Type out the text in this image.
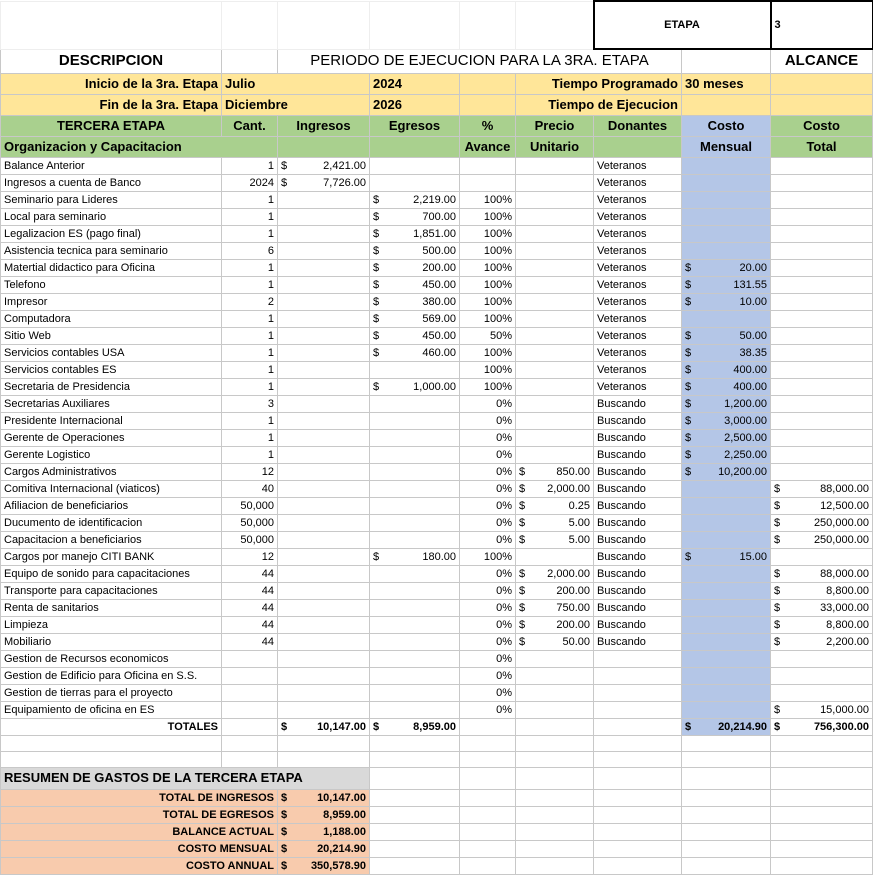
						ETAPA		3
DESCRIPCION		PERIODO DE EJECUCION PARA LA 3RA. ETAPA						ALCANCE
Inicio de la 3ra. Etapa	Julio		2024		Tiempo Programado		30 meses	
Fin de la 3ra. Etapa	Diciembre		2026		Tiempo de Ejecucion			
TERCERA ETAPA	Cant.	Ingresos	Egresos	%	Precio	Donantes	Costo	Costo
Organizacion y Capacitacion				Avance	Unitario		Mensual	Total
Balance Anterior	1	$ 2,421.00				Veteranos		
Ingresos a cuenta de Banco	2024	$ 7,726.00				Veteranos		
Seminario para Lideres	1		$ 2,219.00	100%		Veteranos		
Local para seminario	1		$ 700.00	100%		Veteranos		
Legalizacion ES (pago final)	1		$ 1,851.00	100%		Veteranos		
Asistencia tecnica para seminario	6		$ 500.00	100%		Veteranos		
Matertial didactico para Oficina	1		$ 200.00	100%		Veteranos	$ 20.00	

Telefono	1		$ 450.00	100%		Veteranos	$ 131.55	

Impresor	2		$ 380.00	100%		Veteranos	$ 10.00	

Computadora	1		$ 569.00	100%		Veteranos		
Sitio Web	1		$ 450.00	50%		Veteranos	$ 50.00	

Servicios contables USA	1		$ 460.00	100%		Veteranos	$ 38.35	

Servicios contables ES	1			100%		Veteranos	$ 400.00	

Secretaria de Presidencia	1		$ 1,000.00	100%		Veteranos	$ 400.00	

Secretarias Auxiliares	3			0%		Buscando	$ 1,200.00	

Presidente Internacional	1			0%		Buscando	$ 3,000.00	

Gerente de Operaciones	1			0%		Buscando	$ 2,500.00	

Gerente Logistico	1			0%		Buscando	$ 2,250.00	

Cargos Administrativos	12			0%	$ 850.00	Buscando	$ 10,200.00	

Comitiva Internacional (viaticos)	40			0%	$ 2,000.00	Buscando		$ 88,000.00

Afiliacion de beneficiarios	50,000			0%	$ 0.25	Buscando		$ 12,500.00

Ducumento de identificacion	50,000			0%	$ 5.00	Buscando		$ 250,000.00

Capacitacion a beneficiarios	50,000			0%	$ 5.00	Buscando		$ 250,000.00

Cargos por manejo CITI BANK	12		$ 180.00	100%		Buscando	$ 15.00	

Equipo de sonido para capacitaciones	44			0%	$ 2,000.00	Buscando		$ 88,000.00

Transporte para capacitaciones	44			0%	$ 200.00	Buscando		$ 8,800.00

Renta de sanitarios	44			0%	$ 750.00	Buscando		$ 33,000.00

Limpieza	44			0%	$ 200.00	Buscando		$ 8,800.00

Mobiliario	44			0%	$ 50.00	Buscando		$ 2,200.00

Gestion de Recursos economicos				0%				
Gestion de Edificio para Oficina en S.S.				0%				
Gestion de tierras para el proyecto				0%				
Equipamiento de oficina en ES				0%				$ 15,000.00

TOTALES		$ 10,147.00	$ 8,959.00				$ 20,214.90	$ 756,300.00

RESUMEN DE GASTOS DE LA TERCERA ETAPA								
TOTAL DE INGRESOS		$ 10,147.00						

TOTAL DE EGRESOS		$ 8,959.00						

BALANCE ACTUAL		$ 1,188.00						

COSTO MENSUAL		$ 20,214.90						

COSTO ANNUAL		$ 350,578.90						
